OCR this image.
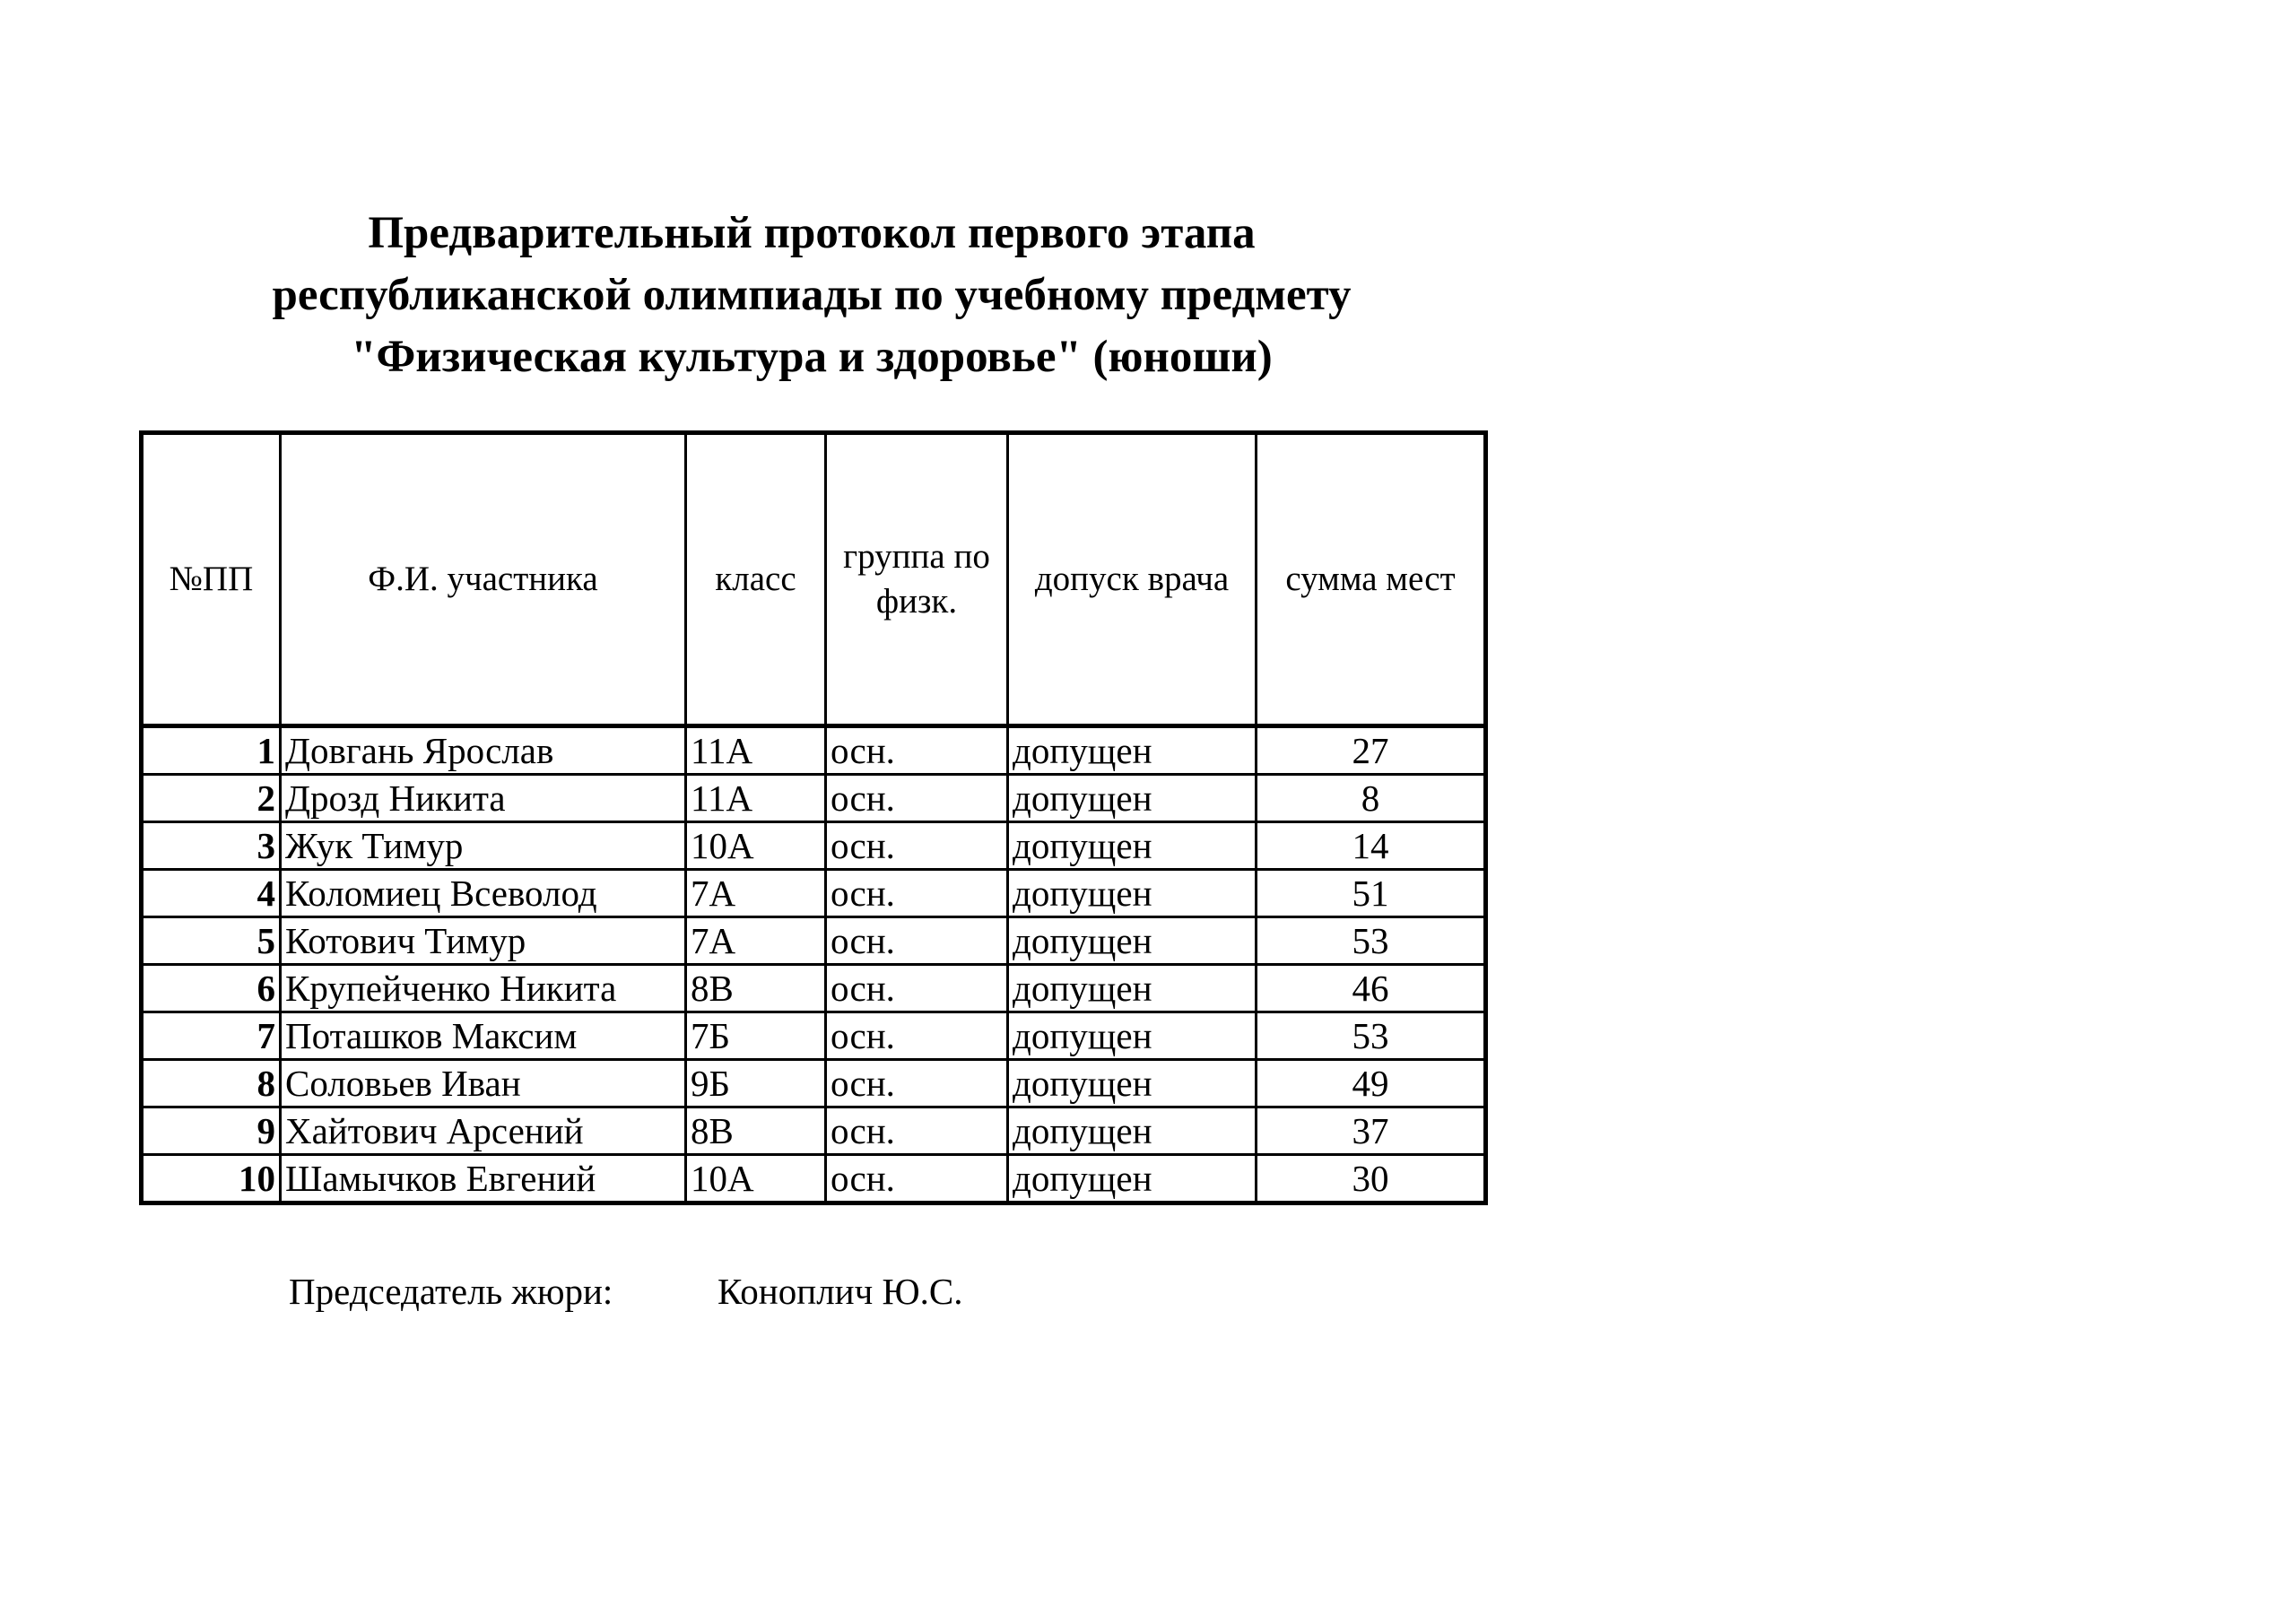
Предварительный протокол первого этапа
республиканской олимпиады по учебному предмету
"Физическая культура и здоровье" (юноши)
№ПП	Ф.И. участника	класс	группа по физк.	допуск врача	сумма мест
1	Довгань Ярослав	11А	осн.	допущен	27
2	Дрозд Никита	11А	осн.	допущен	8
3	Жук Тимур	10А	осн.	допущен	14
4	Коломиец Всеволод	7А	осн.	допущен	51
5	Котович Тимур	7А	осн.	допущен	53
6	Крупейченко Никита	8В	осн.	допущен	46
7	Поташков Максим	7Б	осн.	допущен	53
8	Соловьев Иван	9Б	осн.	допущен	49
9	Хайтович Арсений	8В	осн.	допущен	37
10	Шамычков Евгений	10А	осн.	допущен	30
Председатель жюри:	Коноплич Ю.С.
